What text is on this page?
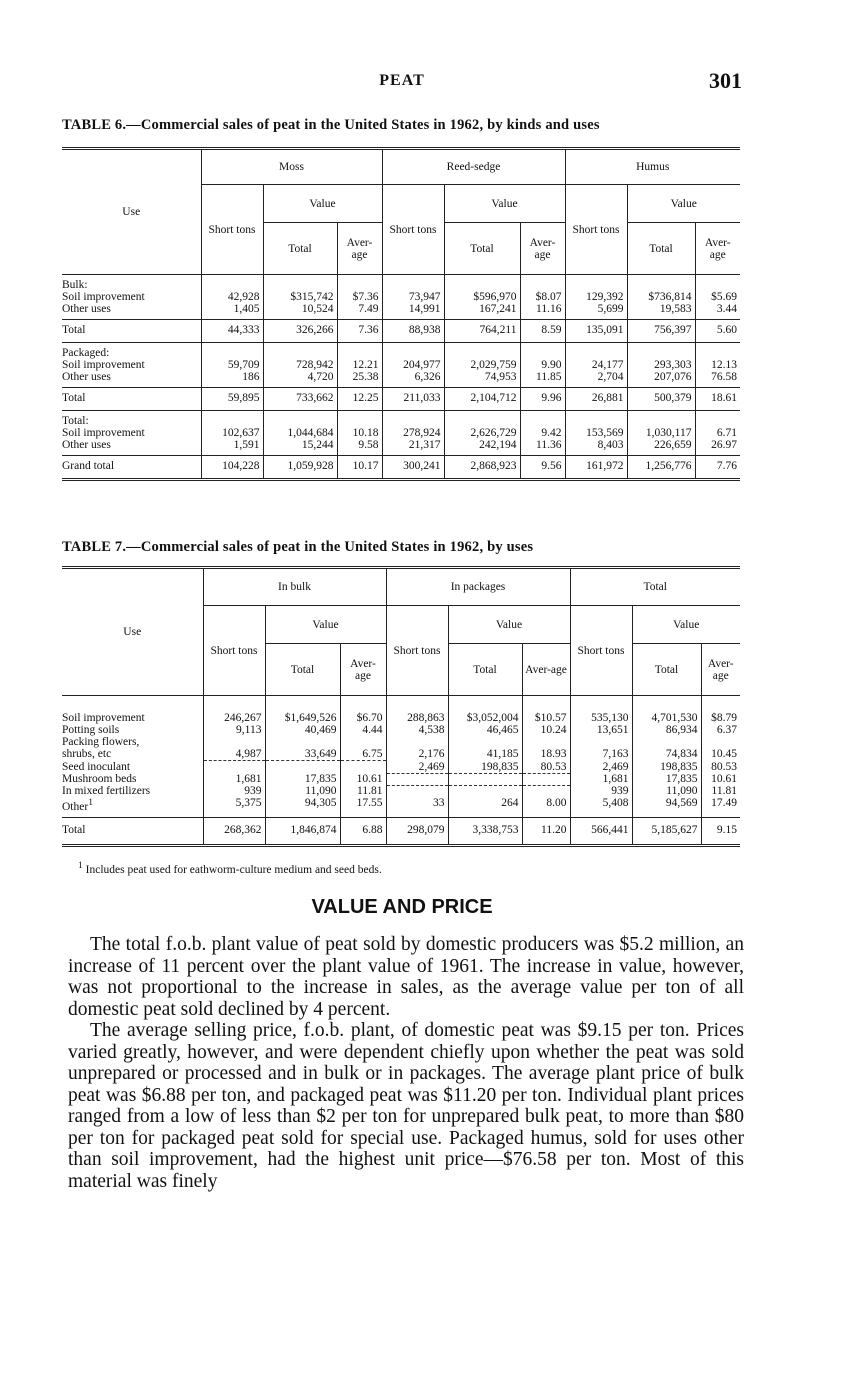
PEAT	301
TABLE 6.—Commercial sales of peat in the United States in 1962, by kinds and uses
Use	Moss			Reed-sedge			Humus		
	Short tons	Value		Short tons	Value		Short tons	Value	
		Total	Aver-age		Total	Aver-age		Total	Aver-age

Bulk:									
Soil improvement	42,928	$315,742	$7.36	73,947	$596,970	$8.07	129,392	$736,814	$5.69
Other uses	1,405	10,524	7.49	14,991	167,241	11.16	5,699	19,583	3.44

Total	44,333	326,266	7.36	88,938	764,211	8.59	135,091	756,397	5.60

Packaged:									
Soil improvement	59,709	728,942	12.21	204,977	2,029,759	9.90	24,177	293,303	12.13
Other uses	186	4,720	25.38	6,326	74,953	11.85	2,704	207,076	76.58

Total	59,895	733,662	12.25	211,033	2,104,712	9.96	26,881	500,379	18.61

Total:									
Soil improvement	102,637	1,044,684	10.18	278,924	2,626,729	9.42	153,569	1,030,117	6.71
Other uses	1,591	15,244	9.58	21,317	242,194	11.36	8,403	226,659	26.97

Grand total	104,228	1,059,928	10.17	300,241	2,868,923	9.56	161,972	1,256,776	7.76
TABLE 7.—Commercial sales of peat in the United States in 1962, by uses
Use	In bulk			In packages			Total		
	Short tons	Value		Short tons	Value		Short tons	Value	
		Total	Aver-age		Total	Aver-age		Total	Aver-age

Soil improvement	246,267	$1,649,526	$6.70	288,863	$3,052,004	$10.57	535,130	4,701,530	$8.79
Potting soils	9,113	40,469	4.44	4,538	46,465	10.24	13,651	86,934	6.37
Packing flowers,									
shrubs, etc	4,987	33,649	6.75	2,176	41,185	18.93	7,163	74,834	10.45
Seed inoculant				2,469	198,835	80.53	2,469	198,835	80.53
Mushroom beds	1,681	17,835	10.61				1,681	17,835	10.61
In mixed fertilizers	939	11,090	11.81				939	11,090	11.81
Other$^1$	5,375	94,305	17.55	33	264	8.00	5,408	94,569	17.49

Total	268,362	1,846,874	6.88	298,079	3,338,753	11.20	566,441	5,185,627	9.15
$^1$ Includes peat used for eathworm-culture medium and seed beds.
VALUE AND PRICE

The total f.o.b. plant value of peat sold by domestic producers was $5.2 million, an increase of 11 percent over the plant value of 1961. The increase in value, however, was not proportional to the increase in sales, as the average value per ton of all domestic peat sold declined by 4 percent.

The average selling price, f.o.b. plant, of domestic peat was $9.15 per ton. Prices varied greatly, however, and were dependent chiefly upon whether the peat was sold unprepared or processed and in bulk or in packages. The average plant price of bulk peat was $6.88 per ton, and packaged peat was $11.20 per ton. Individual plant prices ranged from a low of less than $2 per ton for unprepared bulk peat, to more than $80 per ton for packaged peat sold for special use. Packaged humus, sold for uses other than soil improvement, had the highest unit price—$76.58 per ton. Most of this material was finely
